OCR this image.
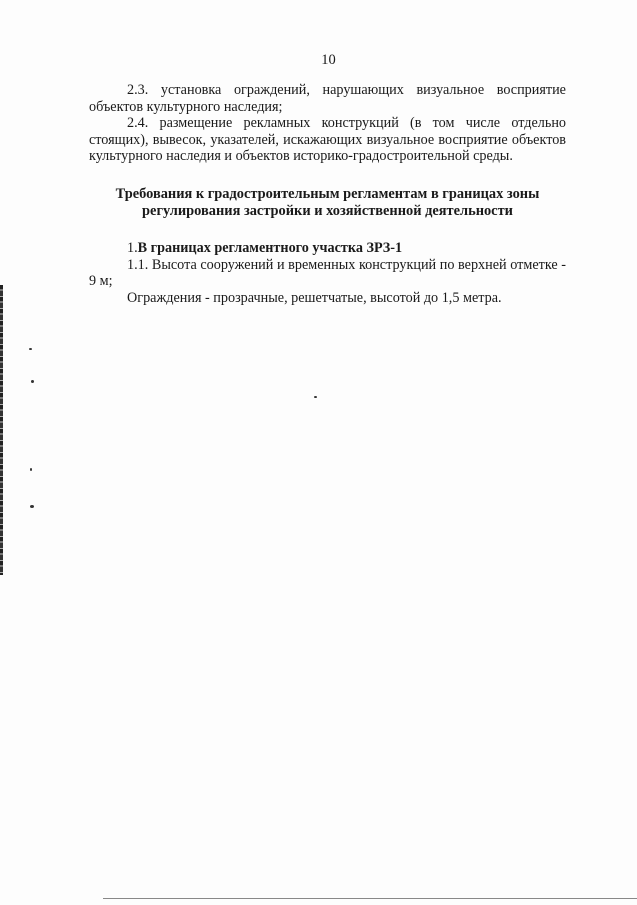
10

2.3. установка ограждений, нарушающих визуальное восприятие объектов культурного наследия;

2.4. размещение рекламных конструкций (в том числе отдельно стоящих), вывесок, указателей, искажающих визуальное восприятие объектов культурного наследия и объектов историко-градостроительной среды.

Требования к градостроительным регламентам в границах зоны регулирования застройки и хозяйственной деятельности

1.В границах регламентного участка ЗРЗ-1

1.1. Высота сооружений и временных конструкций по верхней отметке - 9 м;

Ограждения - прозрачные, решетчатые, высотой до 1,5 метра.
